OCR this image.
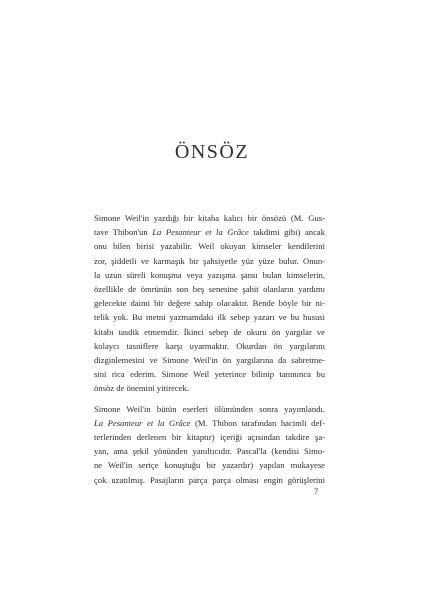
ÖNSÖZ

Simone Weil'in yazdığı bir kitaba kalıcı bir önsözü (M. Gus-
tave Thibon'un La Pesanteur et la Grâce takdimi gibi) ancak
onu bilen birisi yazabilir. Weil okuyan kimseler kendilerini
zor, şiddetli ve karmaşık bir şahsiyetle yüz yüze bulur. Onun-
la uzun süreli konuşma veya yazışma şansı bulan kimselerin,
özellikle de ömrünün son beş senesine şahit olanların yardımı
gelecekte daimi bir değere sahip olacaktır. Bende böyle bir ni-
telik yok. Bu metni yazmamdaki ilk sebep yazarı ve bu hususi
kitabı tasdik etmemdir. İkinci sebep de okuru ön yargılar ve
kolaycı tasniflere karşı uyarmaktır. Okurdan ön yargılarını
dizginlemesini ve Simone Weil'in ön yargılarına da sabretme-
sini rica ederim. Simone Weil yeterince bilinip tanınınca bu
önsöz de önemini yitirecek.

Simone Weil'in bütün eserleri ölümünden sonra yayımlandı.
La Pesanteur et la Grâce (M. Thibon tarafından hacimli def-
terlerinden derlenen bir kitaptır) içeriği açısından takdire şa-
yan, ama şekil yönünden yanıltıcıdır. Pascal'la (kendisi Simo-
ne Weil'in sertçe konuştuğu bir yazardır) yapılan mukayese
çok uzatılmış. Pasajların parça parça olması engin görüşlerini

7
